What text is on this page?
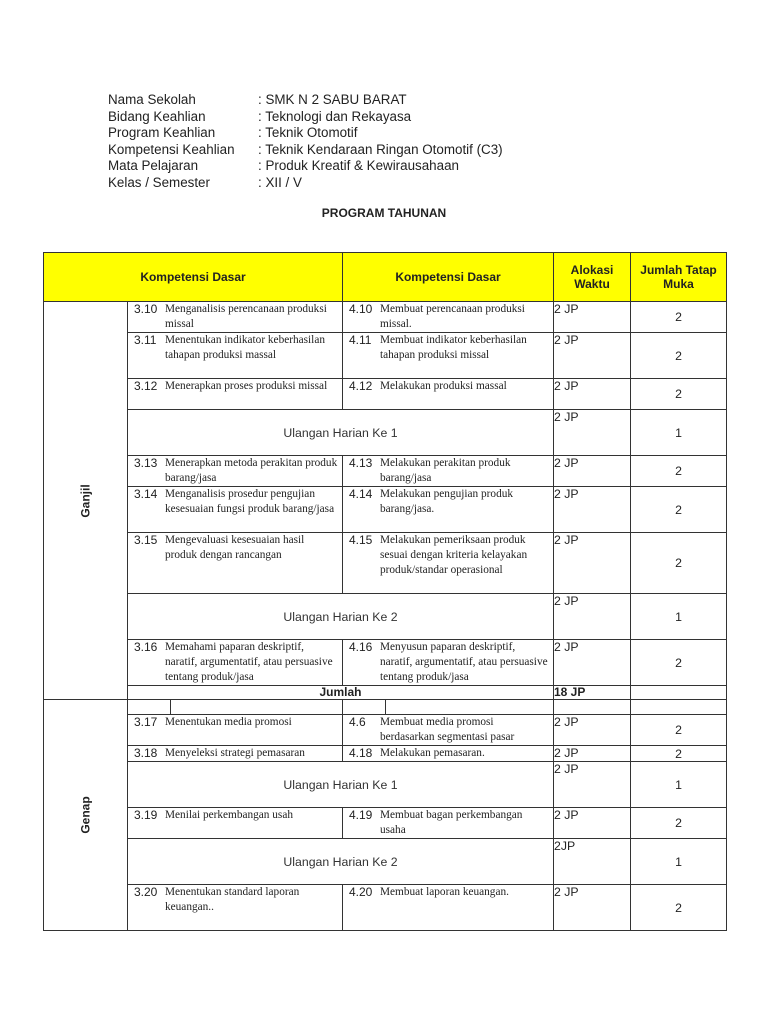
Nama Sekolah	: SMK N 2 SABU BARAT
Bidang Keahlian	: Teknologi dan Rekayasa
Program Keahlian	: Teknik Otomotif
Kompetensi Keahlian	: Teknik Kendaraan Ringan Otomotif (C3)
Mata Pelajaran	: Produk Kreatif & Kewirausahaan
Kelas / Semester	: XII / V
PROGRAM TAHUNAN
Kompetensi Dasar		Kompetensi Dasar	Alokasi Waktu	Jumlah Tatap Muka
Ganjil	3.10 Menganalisis perencanaan produksi missal	4.10 Membuat perencanaan produksi missal.	2 JP	2

	3.11 Menentukan indikator keberhasilan tahapan produksi massal	4.11 Membuat indikator keberhasilan tahapan produksi missal	2 JP	2

	3.12 Menerapkan proses produksi missal	4.12 Melakukan produksi massal	2 JP	2
	Ulangan Harian Ke 1		2 JP	1

	3.13 Menerapkan metoda perakitan produk barang/jasa	4.13 Melakukan perakitan produk barang/jasa	2 JP	2

	3.14 Menganalisis prosedur pengujian kesesuaian fungsi produk barang/jasa	4.14 Melakukan pengujian produk barang/jasa.	2 JP	2

	3.15 Mengevaluasi kesesuaian hasil produk dengan rancangan	4.15 Melakukan pemeriksaan produk sesuai dengan kriteria kelayakan produk/standar operasional	2 JP	2
	Ulangan Harian Ke 2		2 JP	1

	3.16 Memahami paparan deskriptif, naratif, argumentatif, atau persuasive tentang produk/jasa	4.16 Menyusun paparan deskriptif, naratif, argumentatif, atau persuasive tentang produk/jasa	2 JP	2
	Jumlah		18 JP	
Genap				

	3.17 Menentukan media promosi	4.6 Membuat media promosi berdasarkan segmentasi pasar	2 JP	2

	3.18 Menyeleksi strategi pemasaran	4.18 Melakukan pemasaran.	2 JP	2
	Ulangan Harian Ke 1		2 JP	1

	3.19 Menilai perkembangan usah	4.19 Membuat bagan perkembangan usaha	2 JP	2
	Ulangan Harian Ke 2		2JP	1

	3.20 Menentukan standard laporan keuangan..	4.20 Membuat laporan keuangan.	2 JP	2
